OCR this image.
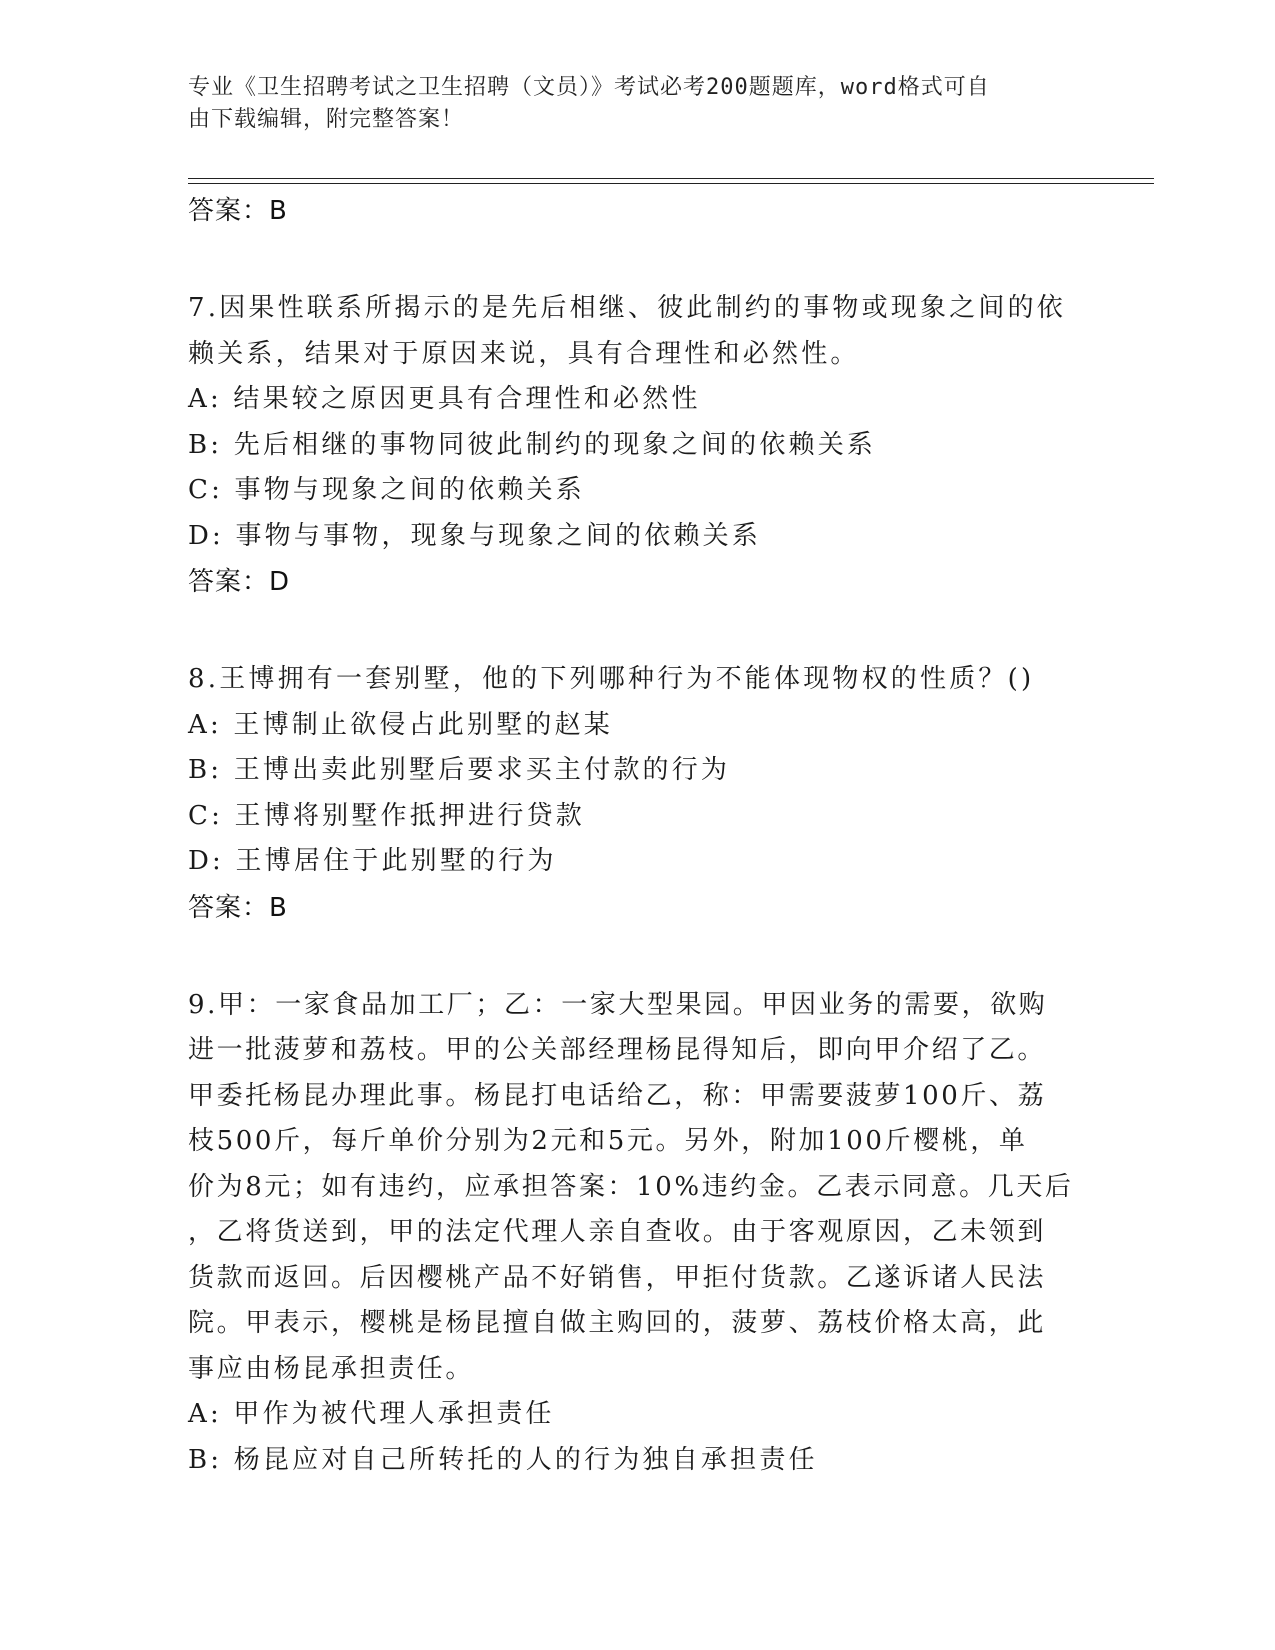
专业《卫生招聘考试之卫生招聘（文员）》考试必考200题题库，word格式可自
由下载编辑，附完整答案！
答案：B
7.因果性联系所揭示的是先后相继、彼此制约的事物或现象之间的依
赖关系，结果对于原因来说，具有合理性和必然性。
A: 结果较之原因更具有合理性和必然性
B: 先后相继的事物同彼此制约的现象之间的依赖关系
C: 事物与现象之间的依赖关系
D: 事物与事物，现象与现象之间的依赖关系
答案：D
8.王博拥有一套别墅，他的下列哪种行为不能体现物权的性质？()
A: 王博制止欲侵占此别墅的赵某
B: 王博出卖此别墅后要求买主付款的行为
C: 王博将别墅作抵押进行贷款
D: 王博居住于此别墅的行为
答案：B
9.甲：一家食品加工厂；乙：一家大型果园。甲因业务的需要，欲购
进一批菠萝和荔枝。甲的公关部经理杨昆得知后，即向甲介绍了乙。
甲委托杨昆办理此事。杨昆打电话给乙，称：甲需要菠萝100斤、荔
枝500斤，每斤单价分别为2元和5元。另外，附加100斤樱桃，单
价为8元；如有违约，应承担答案：10%违约金。乙表示同意。几天后
，乙将货送到，甲的法定代理人亲自查收。由于客观原因，乙未领到
货款而返回。后因樱桃产品不好销售，甲拒付货款。乙遂诉诸人民法
院。甲表示，樱桃是杨昆擅自做主购回的，菠萝、荔枝价格太高，此
事应由杨昆承担责任。
A: 甲作为被代理人承担责任
B: 杨昆应对自己所转托的人的行为独自承担责任
